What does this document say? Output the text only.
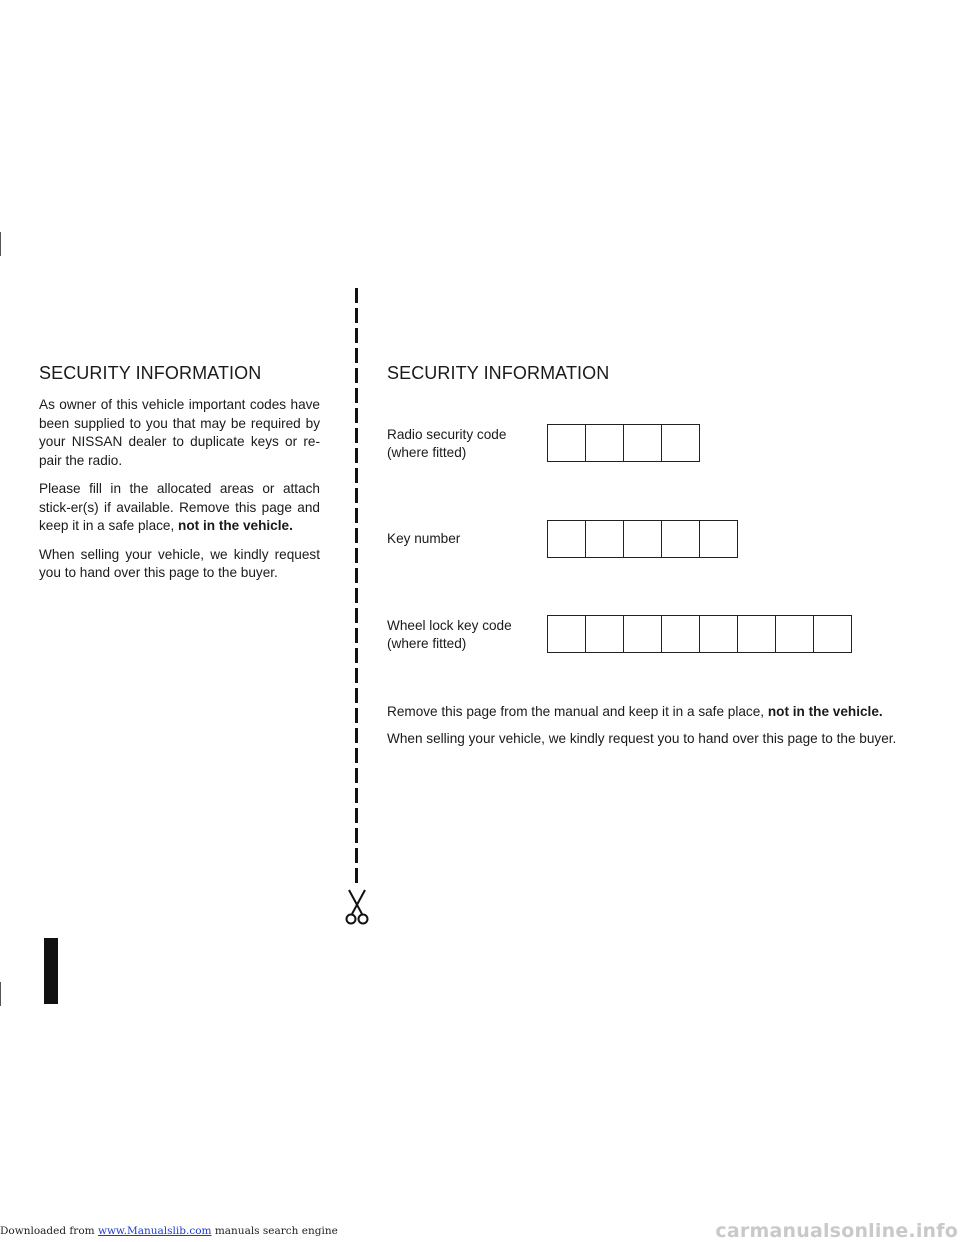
SECURITY INFORMATION

As owner of this vehicle important codes have been supplied to you that may be required by your NISSAN dealer to duplicate keys or re-pair the radio.

Please fill in the allocated areas or attach stick-er(s) if available. Remove this page and keep it in a safe place, not in the vehicle.

When selling your vehicle, we kindly request you to hand over this page to the buyer.

SECURITY INFORMATION
Radio security code
(where fitted)
Key number
Wheel lock key code
(where fitted)
Remove this page from the manual and keep it in a safe place, not in the vehicle.
When selling your vehicle, we kindly request you to hand over this page to the buyer.
Downloaded from www.Manualslib.com manuals search engine	carmanualsonline.info
